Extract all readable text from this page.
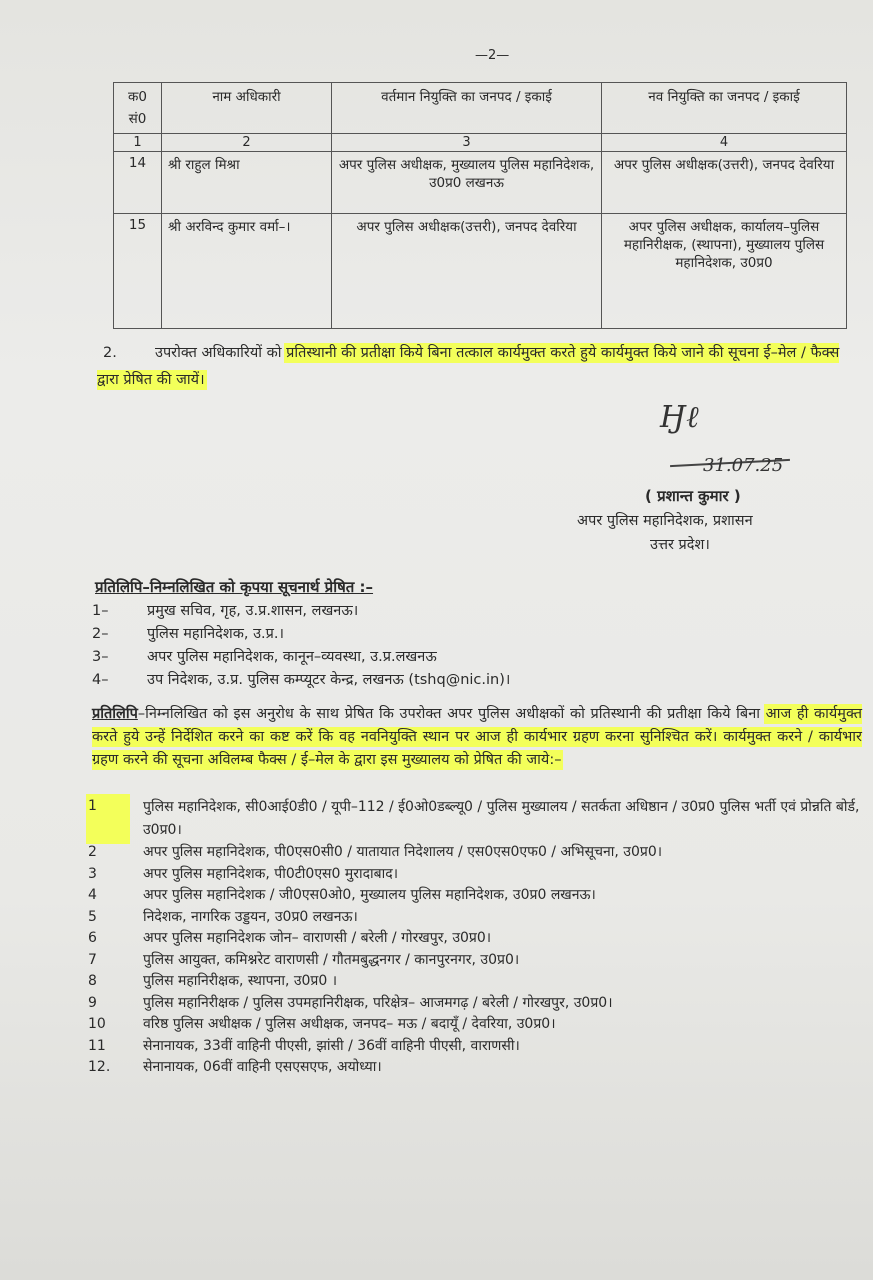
—2—
क0 सं0	नाम अधिकारी	वर्तमान नियुक्ति का जनपद / इकाई	नव नियुक्ति का जनपद / इकाई
1	2	3	4
14	श्री राहुल मिश्रा	अपर पुलिस अधीक्षक, मुख्यालय पुलिस महानिदेशक, उ0प्र0 लखनऊ	अपर पुलिस अधीक्षक(उत्तरी), जनपद देवरिया
15	श्री अरविन्द कुमार वर्मा–।	अपर पुलिस अधीक्षक(उत्तरी), जनपद देवरिया	अपर पुलिस अधीक्षक, कार्यालय–पुलिस महानिरीक्षक, (स्थापना), मुख्यालय पुलिस महानिदेशक, उ0प्र0
2.	उपरोक्त अधिकारियों को प्रतिस्थानी की प्रतीक्षा किये बिना तत्काल कार्यमुक्त करते हुये कार्यमुक्त किये जाने की सूचना ई–मेल / फैक्स द्वारा प्रेषित की जायें।
Ӈℓ
31.07.25
( प्रशान्त कुमार )
अपर पुलिस महानिदेशक, प्रशासन
उत्तर प्रदेश।
प्रतिलिपि–निम्नलिखित को कृपया सूचनार्थ प्रेषित :–
1–	प्रमुख सचिव, गृह, उ.प्र.शासन, लखनऊ।
2–	पुलिस महानिदेशक, उ.प्र.।
3–	अपर पुलिस महानिदेशक, कानून–व्यवस्था, उ.प्र.लखनऊ
4–	उप निदेशक, उ.प्र. पुलिस कम्प्यूटर केन्द्र, लखनऊ (tshq@nic.in)।
प्रतिलिपि–निम्नलिखित को इस अनुरोध के साथ प्रेषित कि उपरोक्त अपर पुलिस अधीक्षकों को प्रतिस्थानी की प्रतीक्षा किये बिना आज ही कार्यमुक्त करते हुये उन्हें निर्देशित करने का कष्ट करें कि वह नवनियुक्ति स्थान पर आज ही कार्यभार ग्रहण करना सुनिश्चित करें। कार्यमुक्त करने / कार्यभार ग्रहण करने की सूचना अविलम्ब फैक्स / ई–मेल के द्वारा इस मुख्यालय को प्रेषित की जाये:–
1	पुलिस महानिदेशक, सी0आई0डी0 / यूपी–112 / ई0ओ0डब्ल्यू0 / पुलिस मुख्यालय / सतर्कता अधिष्ठान / उ0प्र0 पुलिस भर्ती एवं प्रोन्नति बोर्ड, उ0प्र0।
2	अपर पुलिस महानिदेशक, पी0एस0सी0 / यातायात निदेशालय / एस0एस0एफ0 / अभिसूचना, उ0प्र0।
3	अपर पुलिस महानिदेशक, पी0टी0एस0 मुरादाबाद।
4	अपर पुलिस महानिदेशक / जी0एस0ओ0, मुख्यालय पुलिस महानिदेशक, उ0प्र0 लखनऊ।
5	निदेशक, नागरिक उड्डयन, उ0प्र0 लखनऊ।
6	अपर पुलिस महानिदेशक जोन– वाराणसी / बरेली / गोरखपुर, उ0प्र0।
7	पुलिस आयुक्त, कमिश्नरेट वाराणसी / गौतमबुद्धनगर / कानपुरनगर, उ0प्र0।
8	पुलिस महानिरीक्षक, स्थापना, उ0प्र0 ।
9	पुलिस महानिरीक्षक / पुलिस उपमहानिरीक्षक, परिक्षेत्र– आजमगढ़ / बरेली / गोरखपुर, उ0प्र0।
10	वरिष्ठ पुलिस अधीक्षक / पुलिस अधीक्षक, जनपद– मऊ / बदायूँ / देवरिया, उ0प्र0।
11	सेनानायक, 33वीं वाहिनी पीएसी, झांसी / 36वीं वाहिनी पीएसी, वाराणसी।
12.	सेनानायक, 06वीं वाहिनी एसएसएफ, अयोध्या।
